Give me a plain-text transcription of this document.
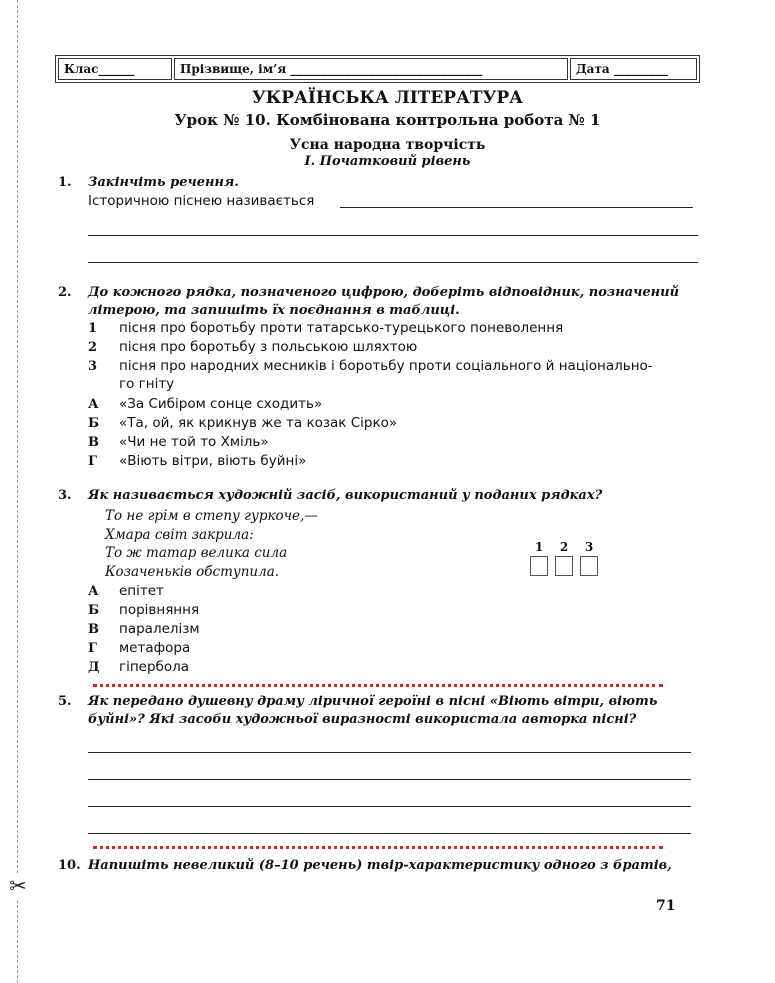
✂
Клас______	Прізвище, ім’я ________________________________	Дата _________
УКРАЇНСЬКА ЛІТЕРАТУРА
Урок № 10. Комбінована контрольна робота № 1
Усна народна творчість
І. Початковий рівень
1. Закінчіть речення.
Історичною піснею називається
2. До кожного рядка, позначеного цифрою, доберіть відповідник, позначений
літерою, та запишіть їх поєднання в таблиці.
1 пісня про боротьбу проти татарсько-турецького поневолення
2 пісня про боротьбу з польською шляхтою
3 пісня про народних месників і боротьбу проти соціального й національно-
го гніту
А «За Сибіром сонце сходить»
Б «Та, ой, як крикнув же та козак Сірко»
В «Чи не той то Хміль»
Г «Віють вітри, віють буйні»
3. Як називається художній засіб, використаний у поданих рядках?
То не грім в степу гуркоче,—
Хмара світ закрила:
То ж татар велика сила
Козаченьків обступила.
1	2	3
А епітет
Б порівняння
В паралелізм
Г метафора
Д гіпербола
5. Як передано душевну драму ліричної героїні в пісні «Віють вітри, віють
буйні»? Які засоби художньої виразності використала авторка пісні?
10. Напишіть невеликий (8–10 речень) твір-характеристику одного з братів,
71
